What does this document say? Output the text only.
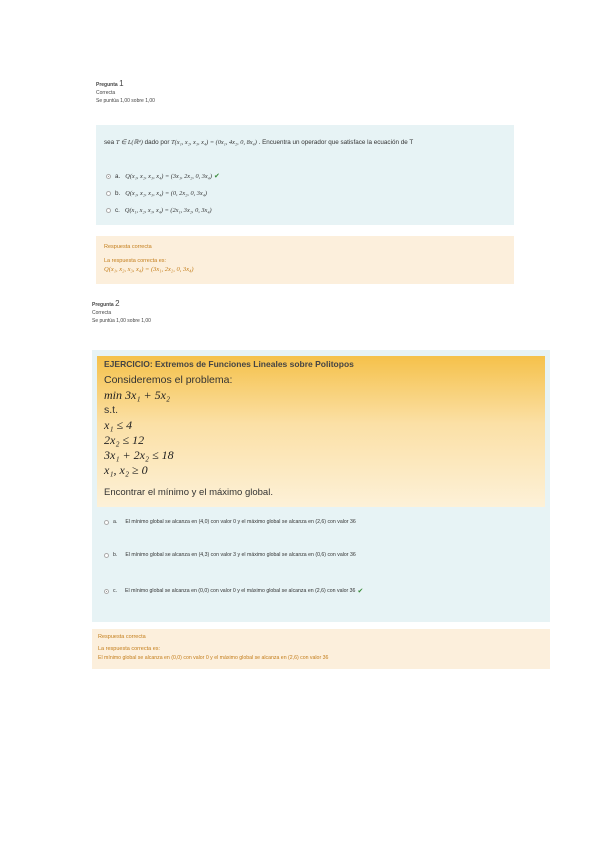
Pregunta 1
Correcta
Se puntúa 1,00 sobre 1,00
sea T ∈ L(ℝ⁴) dado por T(x₁, x₂, x₃, x₄) = (0x₁, 4x₂, 0, 8x₄) . Encuentra un operador que satisface la ecuación de T
a. Q(x₁, x₂, x₃, x₄) = (3x₁, 2x₂, 0, 3x₄) ✔
b. Q(x₁, x₂, x₃, x₄) = (0, 2x₂, 0, 3x₄)
c. Q(x₁, x₂, x₃, x₄) = (2x₁, 3x₂, 0, 3x₄)
Respuesta correcta
La respuesta correcta es:
Q(x₁, x₂, x₃, x₄) = (3x₁, 2x₂, 0, 3x₄)
Pregunta 2
Correcta
Se puntúa 1,00 sobre 1,00
EJERCICIO: Extremos de Funciones Lineales sobre Politopos
Consideremos el problema:
min 3x₁ + 5x₂
s.t.
x₁ ≤ 4
2x₂ ≤ 12
3x₁ + 2x₂ ≤ 18
x₁, x₂ ≥ 0
Encontrar el mínimo y el máximo global.
a. El mínimo global se alcanza en (4,0) con valor 0 y el máximo global se alcanza en (2,6) con valor 36
b. El mínimo global se alcanza en (4,3) con valor 3 y el máximo global se alcanza en (0,6) con valor 36
c. El mínimo global se alcanza en (0,0) con valor 0 y el máximo global se alcanza en (2,6) con valor 36 ✔
Respuesta correcta
La respuesta correcta es:
El mínimo global se alcanza en (0,0) con valor 0 y el máximo global se alcanza en (2,6) con valor 36
